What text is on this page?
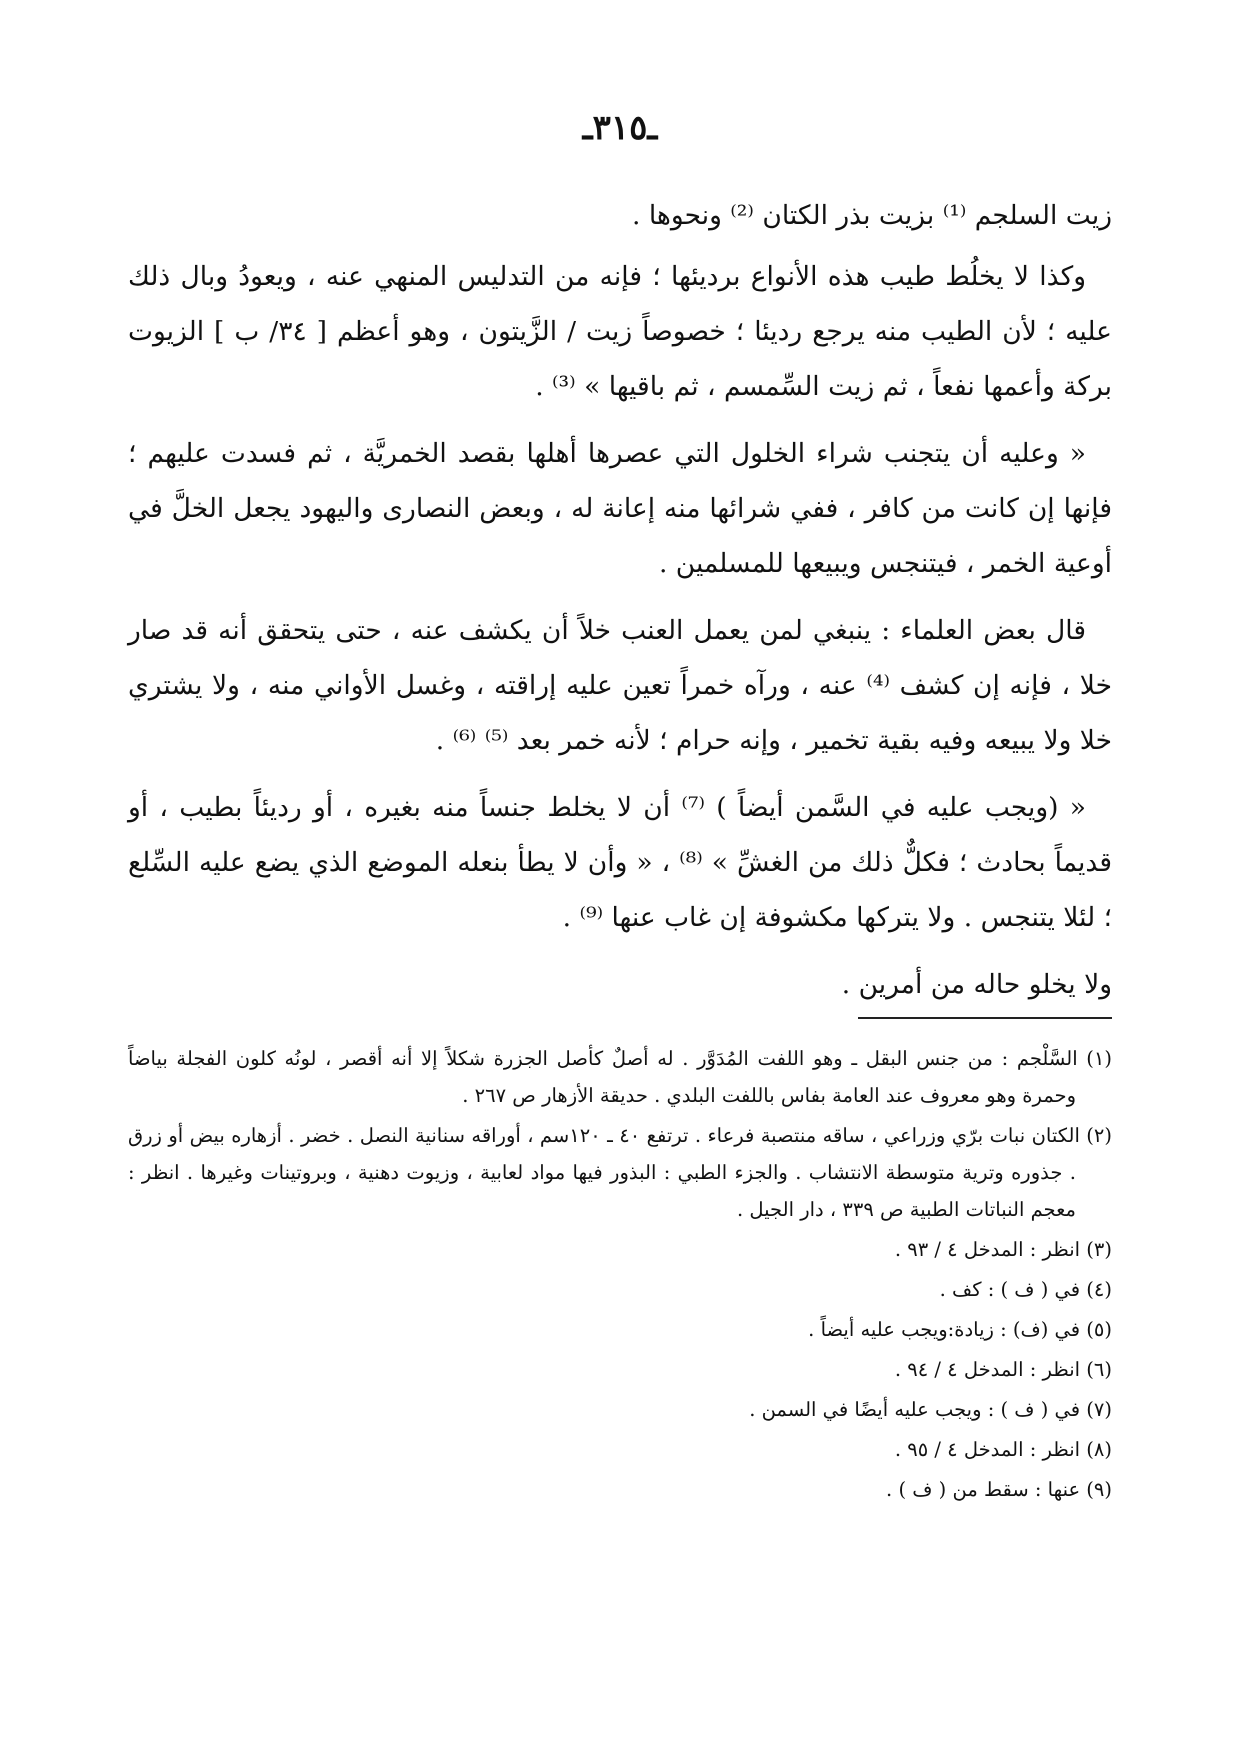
ـ٣١٥ـ

زيت السلجم ⁽¹⁾ بزيت بذر الكتان ⁽²⁾ ونحوها .

وكذا لا يخلُط طيب هذه الأنواع برديئها ؛ فإنه من التدليس المنهي عنه ، ويعودُ وبال ذلك عليه ؛ لأن الطيب منه يرجع رديئا ؛ خصوصاً زيت / الزَّيتون ، وهو أعظم [ ٣٤/ ب ] الزيوت بركة وأعمها نفعاً ، ثم زيت السِّمسم ، ثم باقيها » ⁽³⁾ .

« وعليه أن يتجنب شراء الخلول التي عصرها أهلها بقصد الخمريَّة ، ثم فسدت عليهم ؛ فإنها إن كانت من كافر ، ففي شرائها منه إعانة له ، وبعض النصارى واليهود يجعل الخلَّ في أوعية الخمر ، فيتنجس ويبيعها للمسلمين .

قال بعض العلماء : ينبغي لمن يعمل العنب خلاً أن يكشف عنه ، حتى يتحقق أنه قد صار خلا ، فإنه إن كشف ⁽⁴⁾ عنه ، ورآه خمراً تعين عليه إراقته ، وغسل الأواني منه ، ولا يشتري خلا ولا يبيعه وفيه بقية تخمير ، وإنه حرام ؛ لأنه خمر بعد ⁽⁵⁾ ⁽⁶⁾ .

« (ويجب عليه في السَّمن أيضاً ) ⁽⁷⁾ أن لا يخلط جنساً منه بغيره ، أو رديئاً بطيب ، أو قديماً بحادث ؛ فكلٌّ ذلك من الغشِّ » ⁽⁸⁾ ، « وأن لا يطأ بنعله الموضع الذي يضع عليه السِّلع ؛ لئلا يتنجس . ولا يتركها مكشوفة إن غاب عنها ⁽⁹⁾ .

ولا يخلو حاله من أمرين .

(١) السَّلْجم : من جنس البقل ـ وهو اللفت المُدَوَّر . له أصلٌ كأصل الجزرة شكلاً إلا أنه أقصر ، لونُه كلون الفجلة بياضاً وحمرة وهو معروف عند العامة بفاس باللفت البلدي . حديقة الأزهار ص ٢٦٧ .

(٢) الكتان نبات برّي وزراعي ، ساقه منتصبة فرعاء . ترتفع ٤٠ ـ ١٢٠سم ، أوراقه سنانية النصل . خضر . أزهاره بيض أو زرق . جذوره وترية متوسطة الانتشاب . والجزء الطبي : البذور فيها مواد لعابية ، وزيوت دهنية ، وبروتينات وغيرها . انظر : معجم النباتات الطبية ص ٣٣٩ ، دار الجيل .

(٣) انظر : المدخل ٤ / ٩٣ .

(٤) في ( ف ) : كف .

(٥) في (ف) : زيادة:ويجب عليه أيضاً .

(٦) انظر : المدخل ٤ / ٩٤ .

(٧) في ( ف ) : ويجب عليه أيضًا في السمن .

(٨) انظر : المدخل ٤ / ٩٥ .

(٩) عنها : سقط من ( ف ) .
